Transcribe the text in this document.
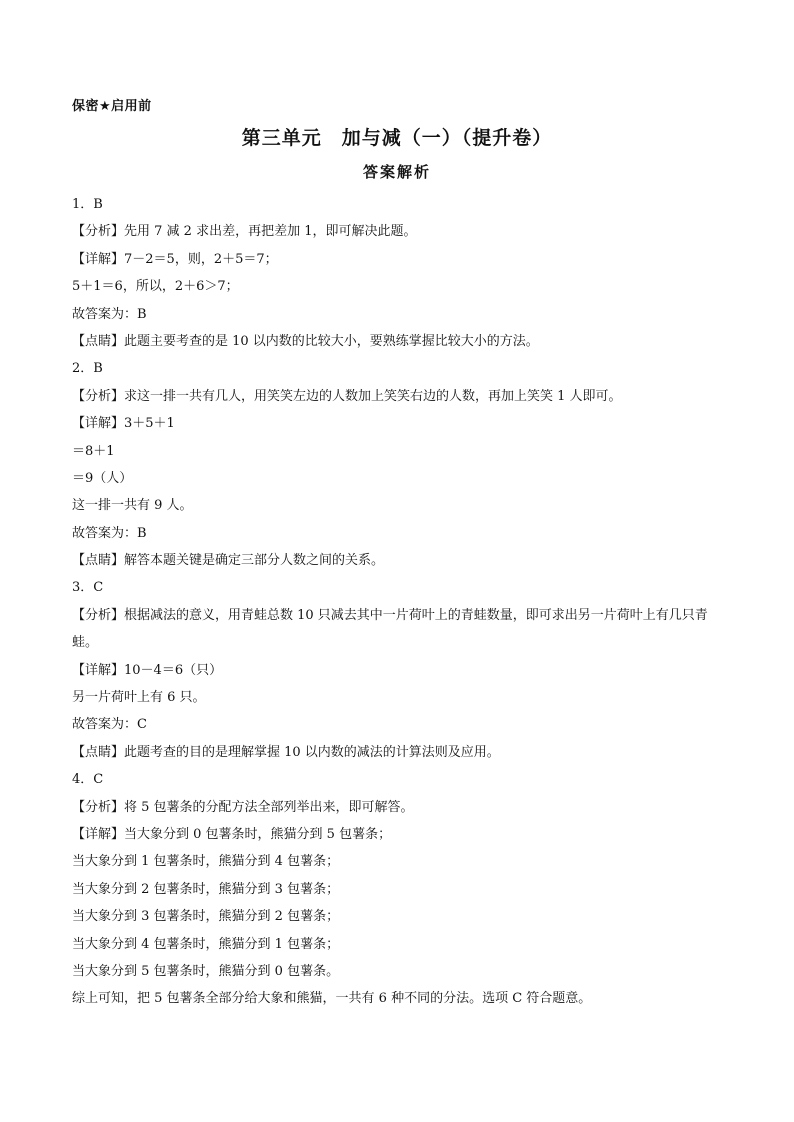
保密★启用前
第三单元　加与减（一）（提升卷）
答案解析
1．B
【分析】先用 7 减 2 求出差，再把差加 1，即可解决此题。
【详解】7－2＝5，则，2＋5＝7；
5＋1＝6，所以，2＋6＞7；
故答案为：B
【点睛】此题主要考查的是 10 以内数的比较大小，要熟练掌握比较大小的方法。
2．B
【分析】求这一排一共有几人，用笑笑左边的人数加上笑笑右边的人数，再加上笑笑 1 人即可。
【详解】3＋5＋1
＝8＋1
＝9（人）
这一排一共有 9 人。
故答案为：B
【点睛】解答本题关键是确定三部分人数之间的关系。
3．C
【分析】根据减法的意义，用青蛙总数 10 只减去其中一片荷叶上的青蛙数量，即可求出另一片荷叶上有几只青蛙。
【详解】10－4＝6（只）
另一片荷叶上有 6 只。
故答案为：C
【点睛】此题考查的目的是理解掌握 10 以内数的减法的计算法则及应用。
4．C
【分析】将 5 包薯条的分配方法全部列举出来，即可解答。
【详解】当大象分到 0 包薯条时，熊猫分到 5 包薯条；
当大象分到 1 包薯条时，熊猫分到 4 包薯条；
当大象分到 2 包薯条时，熊猫分到 3 包薯条；
当大象分到 3 包薯条时，熊猫分到 2 包薯条；
当大象分到 4 包薯条时，熊猫分到 1 包薯条；
当大象分到 5 包薯条时，熊猫分到 0 包薯条。
综上可知，把 5 包薯条全部分给大象和熊猫，一共有 6 种不同的分法。选项 C 符合题意。
